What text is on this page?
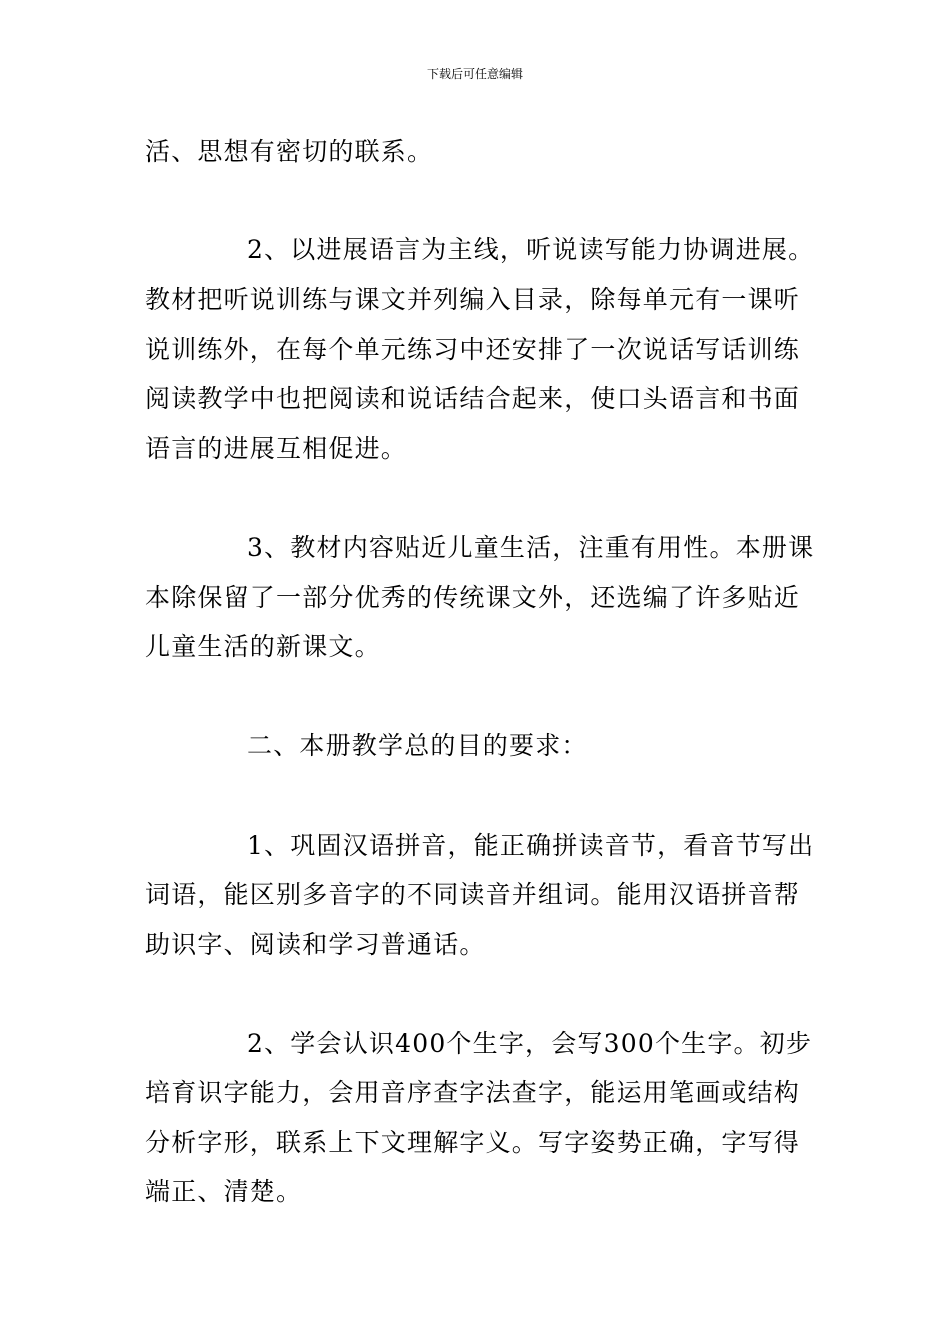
下载后可任意编辑
活、思想有密切的联系。
2、以进展语言为主线，听说读写能力协调进展。
教材把听说训练与课文并列编入目录，除每单元有一课听
说训练外，在每个单元练习中还安排了一次说话写话训练
阅读教学中也把阅读和说话结合起来，使口头语言和书面
语言的进展互相促进。
3、教材内容贴近儿童生活，注重有用性。本册课
本除保留了一部分优秀的传统课文外，还选编了许多贴近
儿童生活的新课文。
二、本册教学总的目的要求：
1、巩固汉语拼音，能正确拼读音节，看音节写出
词语，能区别多音字的不同读音并组词。能用汉语拼音帮
助识字、阅读和学习普通话。
2、学会认识400个生字，会写300个生字。初步
培育识字能力，会用音序查字法查字，能运用笔画或结构
分析字形，联系上下文理解字义。写字姿势正确，字写得
端正、清楚。
